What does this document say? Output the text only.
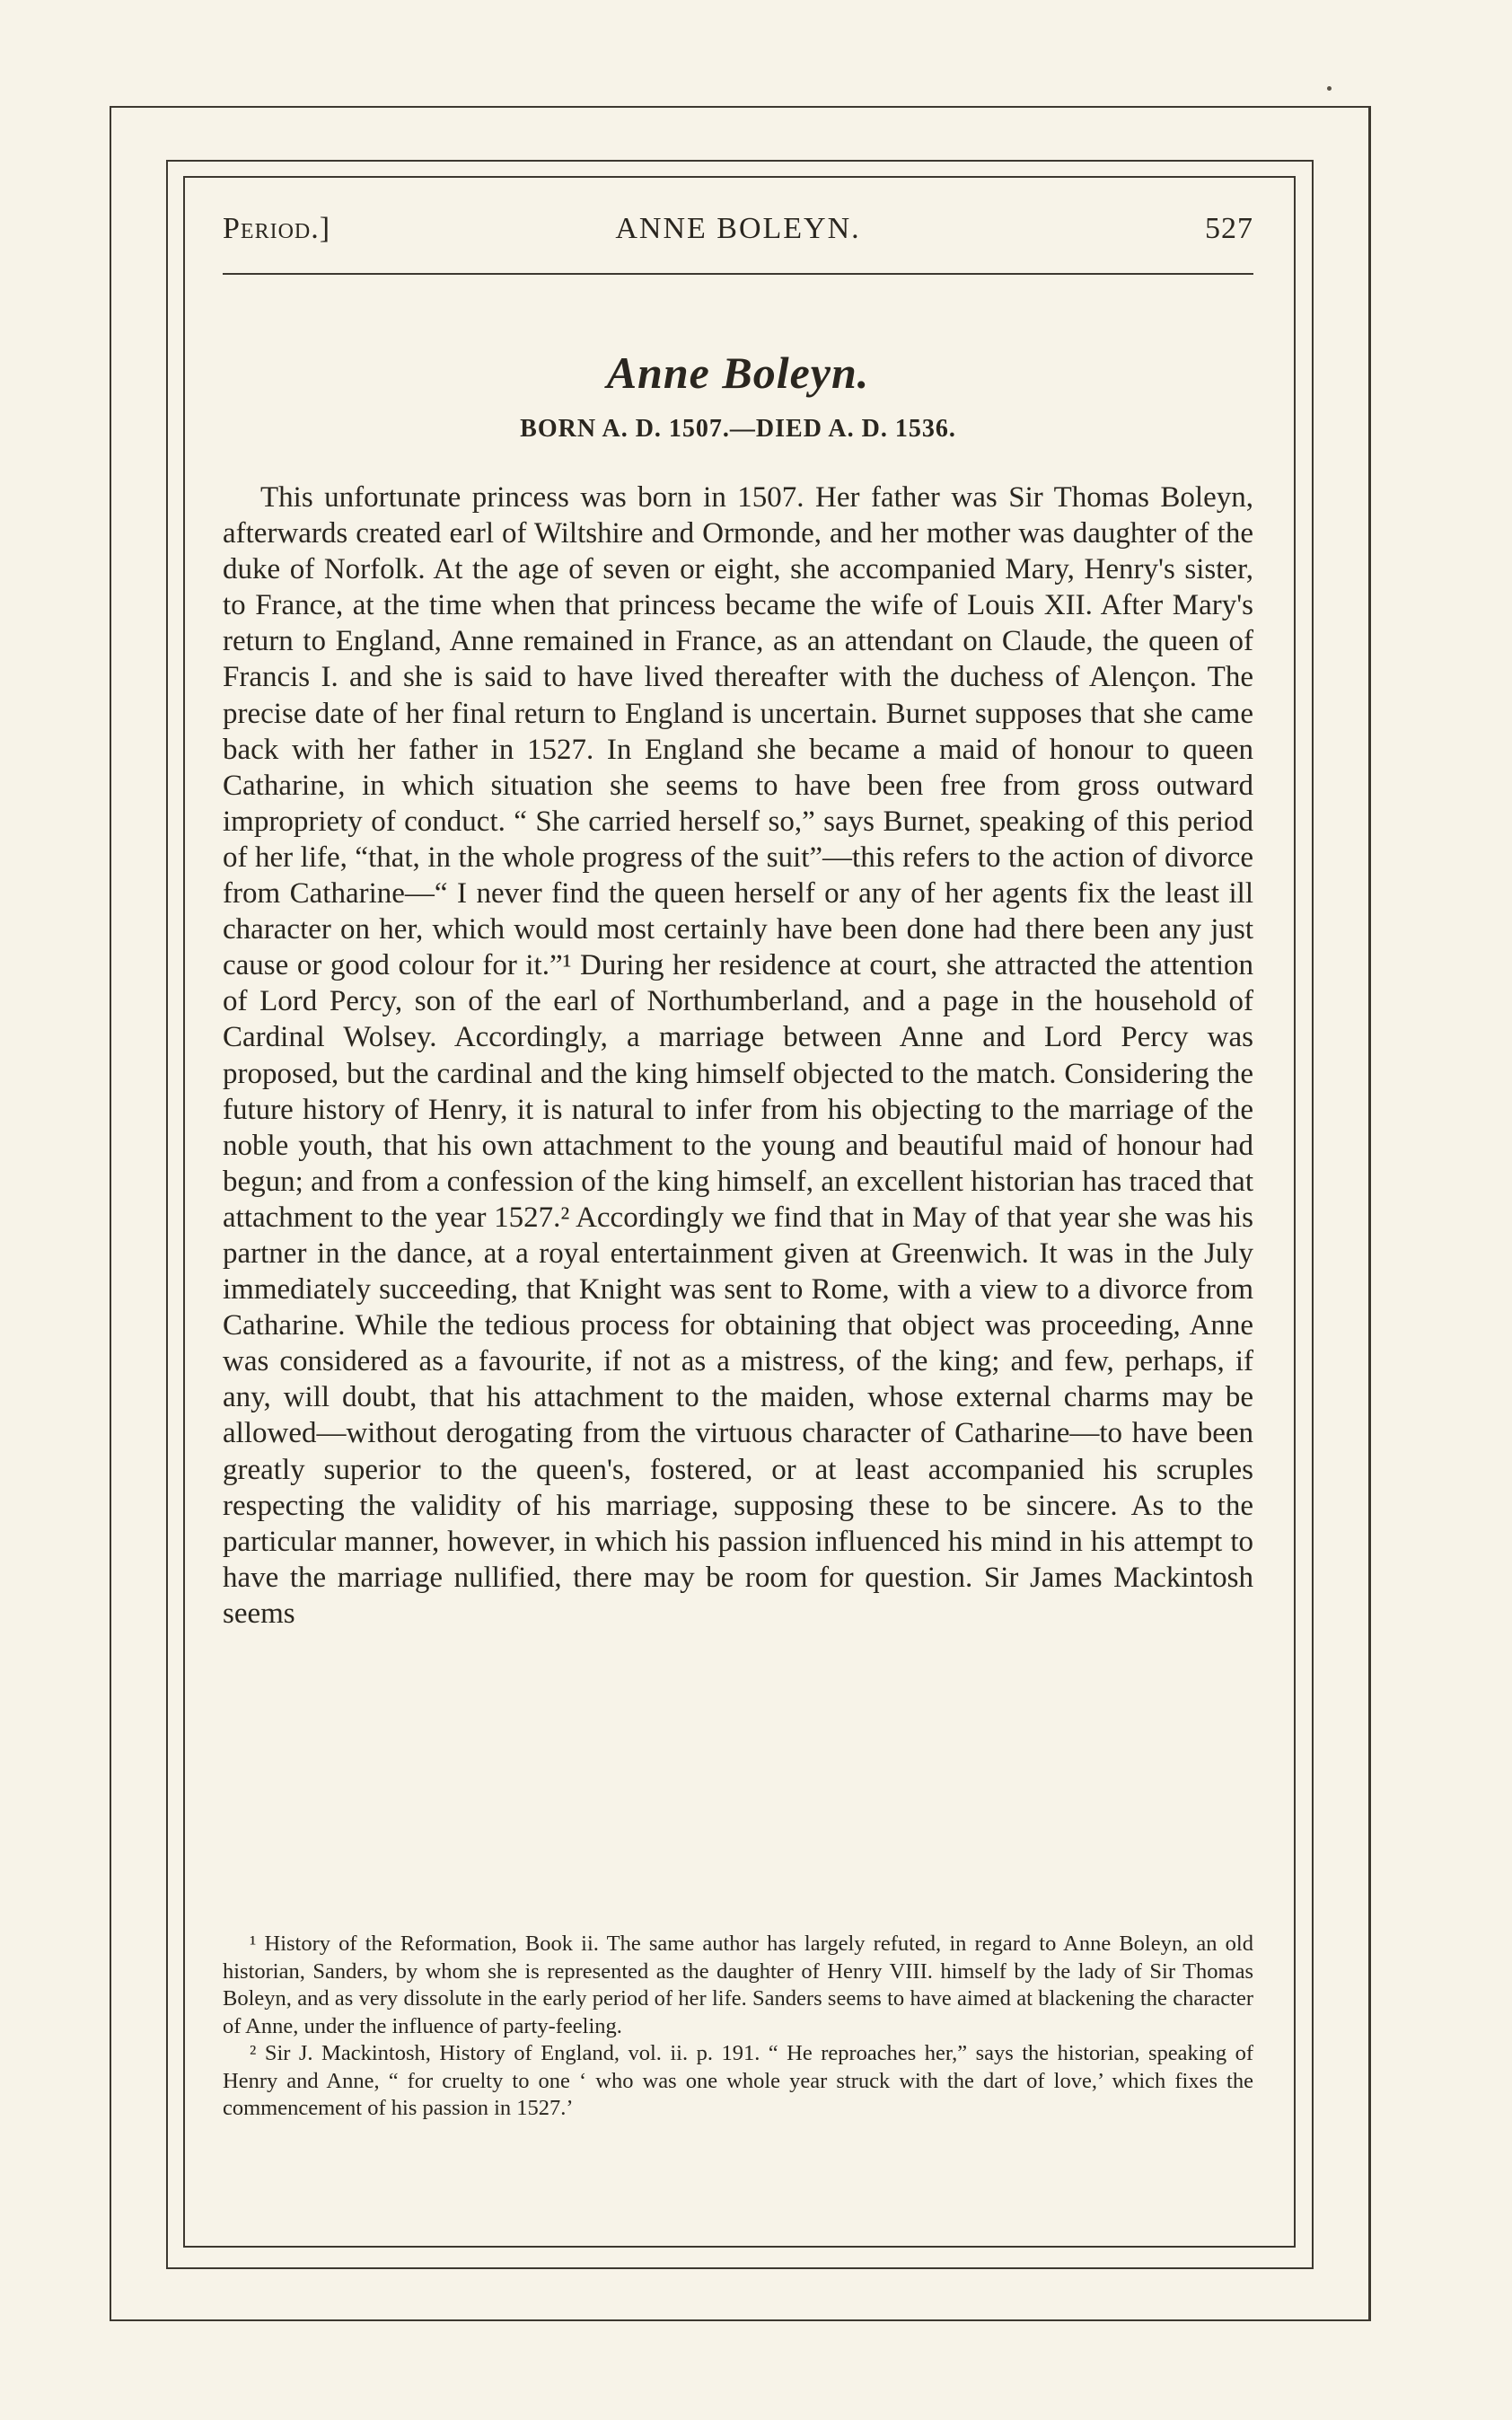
Period.]	ANNE BOLEYN.	527
Anne Boleyn.
BORN A. D. 1507.—DIED A. D. 1536.

This unfortunate princess was born in 1507. Her father was Sir Thomas Boleyn, afterwards created earl of Wiltshire and Ormonde, and her mother was daughter of the duke of Norfolk. At the age of seven or eight, she accompanied Mary, Henry's sister, to France, at the time when that princess became the wife of Louis XII. After Mary's return to England, Anne remained in France, as an attendant on Claude, the queen of Francis I. and she is said to have lived thereafter with the duchess of Alençon. The precise date of her final return to England is uncertain. Burnet supposes that she came back with her father in 1527. In England she became a maid of honour to queen Catharine, in which situation she seems to have been free from gross outward impropriety of conduct. “ She carried herself so,” says Burnet, speaking of this period of her life, “that, in the whole progress of the suit”—this refers to the action of divorce from Catharine—“ I never find the queen herself or any of her agents fix the least ill character on her, which would most certainly have been done had there been any just cause or good colour for it.”¹ During her residence at court, she attracted the attention of Lord Percy, son of the earl of Northumberland, and a page in the household of Cardinal Wolsey. Accordingly, a marriage between Anne and Lord Percy was proposed, but the cardinal and the king himself objected to the match. Considering the future history of Henry, it is natural to infer from his objecting to the marriage of the noble youth, that his own attachment to the young and beautiful maid of honour had begun; and from a confession of the king himself, an excellent historian has traced that attachment to the year 1527.² Accordingly we find that in May of that year she was his partner in the dance, at a royal entertainment given at Greenwich. It was in the July immediately succeeding, that Knight was sent to Rome, with a view to a divorce from Catharine. While the tedious process for obtaining that object was proceeding, Anne was considered as a favourite, if not as a mistress, of the king; and few, perhaps, if any, will doubt, that his attachment to the maiden, whose external charms may be allowed—without derogating from the virtuous character of Catharine—to have been greatly superior to the queen's, fostered, or at least accompanied his scruples respecting the validity of his marriage, supposing these to be sincere. As to the particular manner, however, in which his passion influenced his mind in his attempt to have the marriage nullified, there may be room for question. Sir James Mackintosh seems

¹ History of the Reformation, Book ii. The same author has largely refuted, in regard to Anne Boleyn, an old historian, Sanders, by whom she is represented as the daughter of Henry VIII. himself by the lady of Sir Thomas Boleyn, and as very dissolute in the early period of her life. Sanders seems to have aimed at blackening the character of Anne, under the influence of party-feeling.

² Sir J. Mackintosh, History of England, vol. ii. p. 191. “ He reproaches her,” says the historian, speaking of Henry and Anne, “ for cruelty to one ‘ who was one whole year struck with the dart of love,’ which fixes the commencement of his passion in 1527.’
